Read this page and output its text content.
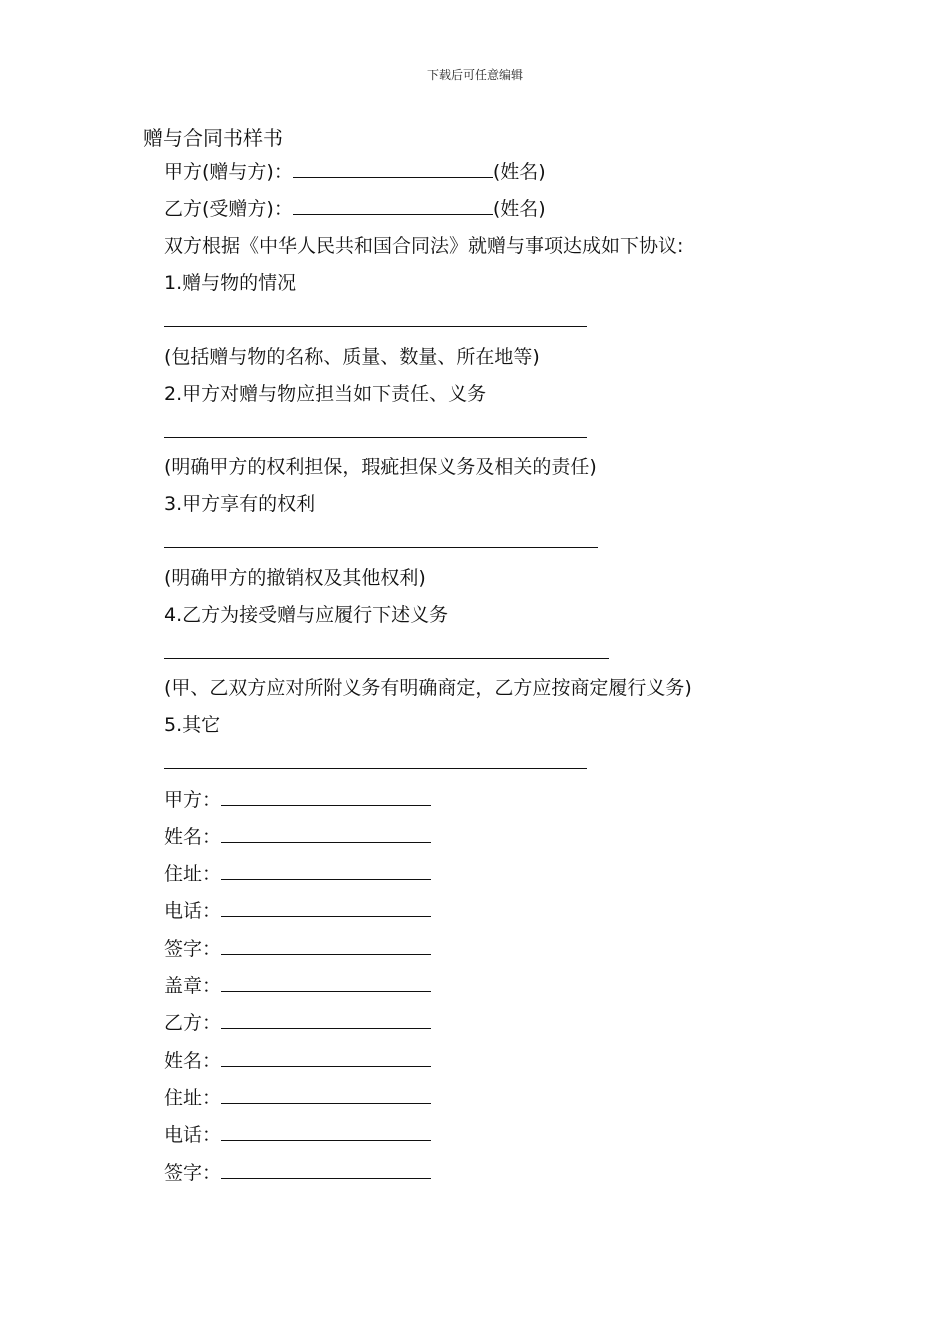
下载后可任意编辑
赠与合同书样书
甲方(赠与方)：	(姓名)
乙方(受赠方)：	(姓名)
双方根据《中华人民共和国合同法》就赠与事项达成如下协议:
1.赠与物的情况
(包括赠与物的名称、质量、数量、所在地等)
2.甲方对赠与物应担当如下责任、义务
(明确甲方的权利担保，瑕疵担保义务及相关的责任)
3.甲方享有的权利
(明确甲方的撤销权及其他权利)
4.乙方为接受赠与应履行下述义务
(甲、乙双方应对所附义务有明确商定，乙方应按商定履行义务)
5.其它
甲方：
姓名：
住址：
电话：
签字：
盖章：
乙方：
姓名：
住址：
电话：
签字：
